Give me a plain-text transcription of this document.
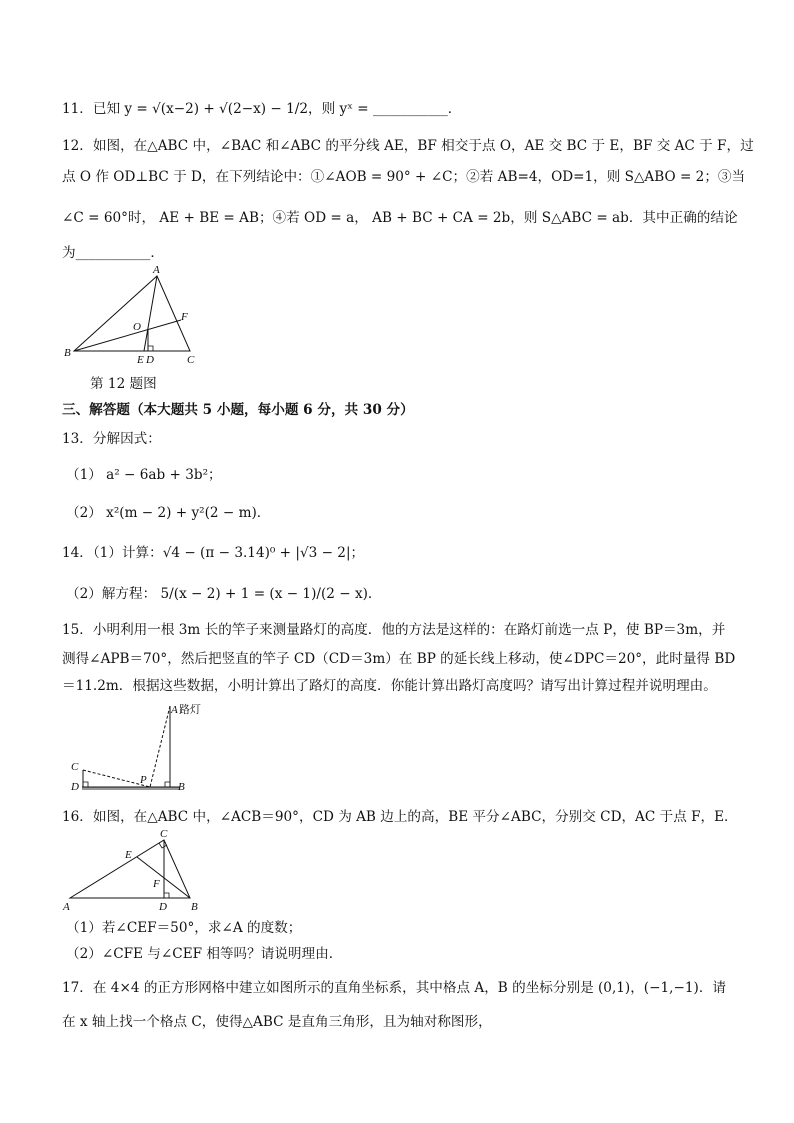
11．已知 y = √(x−2) + √(2−x) − 1/2，则 yˣ = ___________．
12．如图，在△ABC 中，∠BAC 和∠ABC 的平分线 AE，BF 相交于点 O，AE 交 BC 于 E，BF 交 AC 于 F，过
点 O 作 OD⊥BC 于 D，在下列结论中：①∠AOB = 90° + ∠C；②若 AB=4，OD=1，则 S△ABO = 2；③当
∠C = 60°时， AE + BE = AB；④若 OD = a， AB + BC + CA = 2b，则 S△ABC = ab．其中正确的结论
为___________．
A
B
C
O
F
E D
第 12 题图
三、解答题（本大题共 5 小题，每小题 6 分，共 30 分）
13．分解因式：
（1） a² − 6ab + 3b²；
（2） x²(m − 2) + y²(2 − m)．
14．（1）计算：√4 − (π − 3.14)⁰ + |√3 − 2|；
（2）解方程： 5/(x − 2) + 1 = (x − 1)/(2 − x)．
15．小明利用一根 3m 长的竿子来测量路灯的高度．他的方法是这样的：在路灯前选一点 P，使 BP＝3m，并
测得∠APB＝70°，然后把竖直的竿子 CD（CD＝3m）在 BP 的延长线上移动，使∠DPC＝20°，此时量得 BD
＝11.2m．根据这些数据，小明计算出了路灯的高度．你能计算出路灯高度吗？请写出计算过程并说明理由。
A 路灯
C
D
P
B
16．如图，在△ABC 中，∠ACB＝90°，CD 为 AB 边上的高，BE 平分∠ABC，分别交 CD，AC 于点 F，E．
A	B
C
D
E
F
（1）若∠CEF＝50°，求∠A 的度数；
（2）∠CFE 与∠CEF 相等吗？请说明理由．
17．在 4×4 的正方形网格中建立如图所示的直角坐标系，其中格点 A，B 的坐标分别是 (0,1)，(−1,−1)．请
在 x 轴上找一个格点 C，使得△ABC 是直角三角形，且为轴对称图形，
